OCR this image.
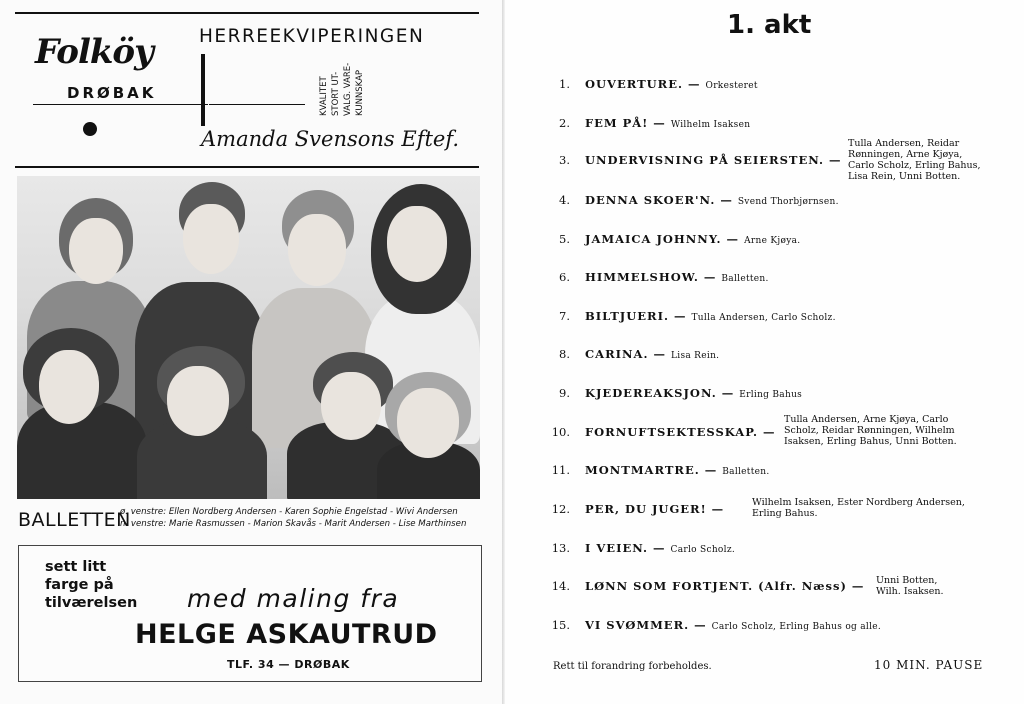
Folköy
DRØBAK
HERREEKVIPERINGEN
KVALITET STORT UT- VALG. VARE- KUNNSKAP
Amanda Svensons Eftef.
BALLETTEN
ø. venstre: Ellen Nordberg Andersen - Karen Sophie Engelstad - Wivi Andersen
n. venstre: Marie Rasmussen - Marion Skavås - Marit Andersen - Lise Marthinsen
sett litt
farge på
tilværelsen med maling fra
HELGE ASKAUTRUD
TLF. 34 — DRØBAK
1. akt
1. OUVERTURE. — Orkesteret
2. FEM PÅ! — Wilhelm Isaksen
3. UNDERVISNING PÅ SEIERSTEN. —
Tulla Andersen, Reidar
Rønningen, Arne Kjøya,
Carlo Scholz, Erling Bahus,
Lisa Rein, Unni Botten.
4. DENNA SKOER'N. — Svend Thorbjørnsen.
5. JAMAICA JOHNNY. — Arne Kjøya.
6. HIMMELSHOW. — Balletten.
7. BILTJUERI. — Tulla Andersen, Carlo Scholz.
8. CARINA. — Lisa Rein.
9. KJEDEREAKSJON. — Erling Bahus
10. FORNUFTSEKTESSKAP. —
Tulla Andersen, Arne Kjøya, Carlo
Scholz, Reidar Rønningen, Wilhelm
Isaksen, Erling Bahus, Unni Botten.
11. MONTMARTRE. — Balletten.
12. PER, DU JUGER! —	Wilhelm Isaksen, Ester Nordberg Andersen,
Erling Bahus.
13. I VEIEN. — Carlo Scholz.
14. LØNN SOM FORTJENT. (Alfr. Næss) — Unni Botten,
Wilh. Isaksen.
15. VI SVØMMER. — Carlo Scholz, Erling Bahus og alle.
Rett til forandring forbeholdes.	10 MIN. PAUSE
